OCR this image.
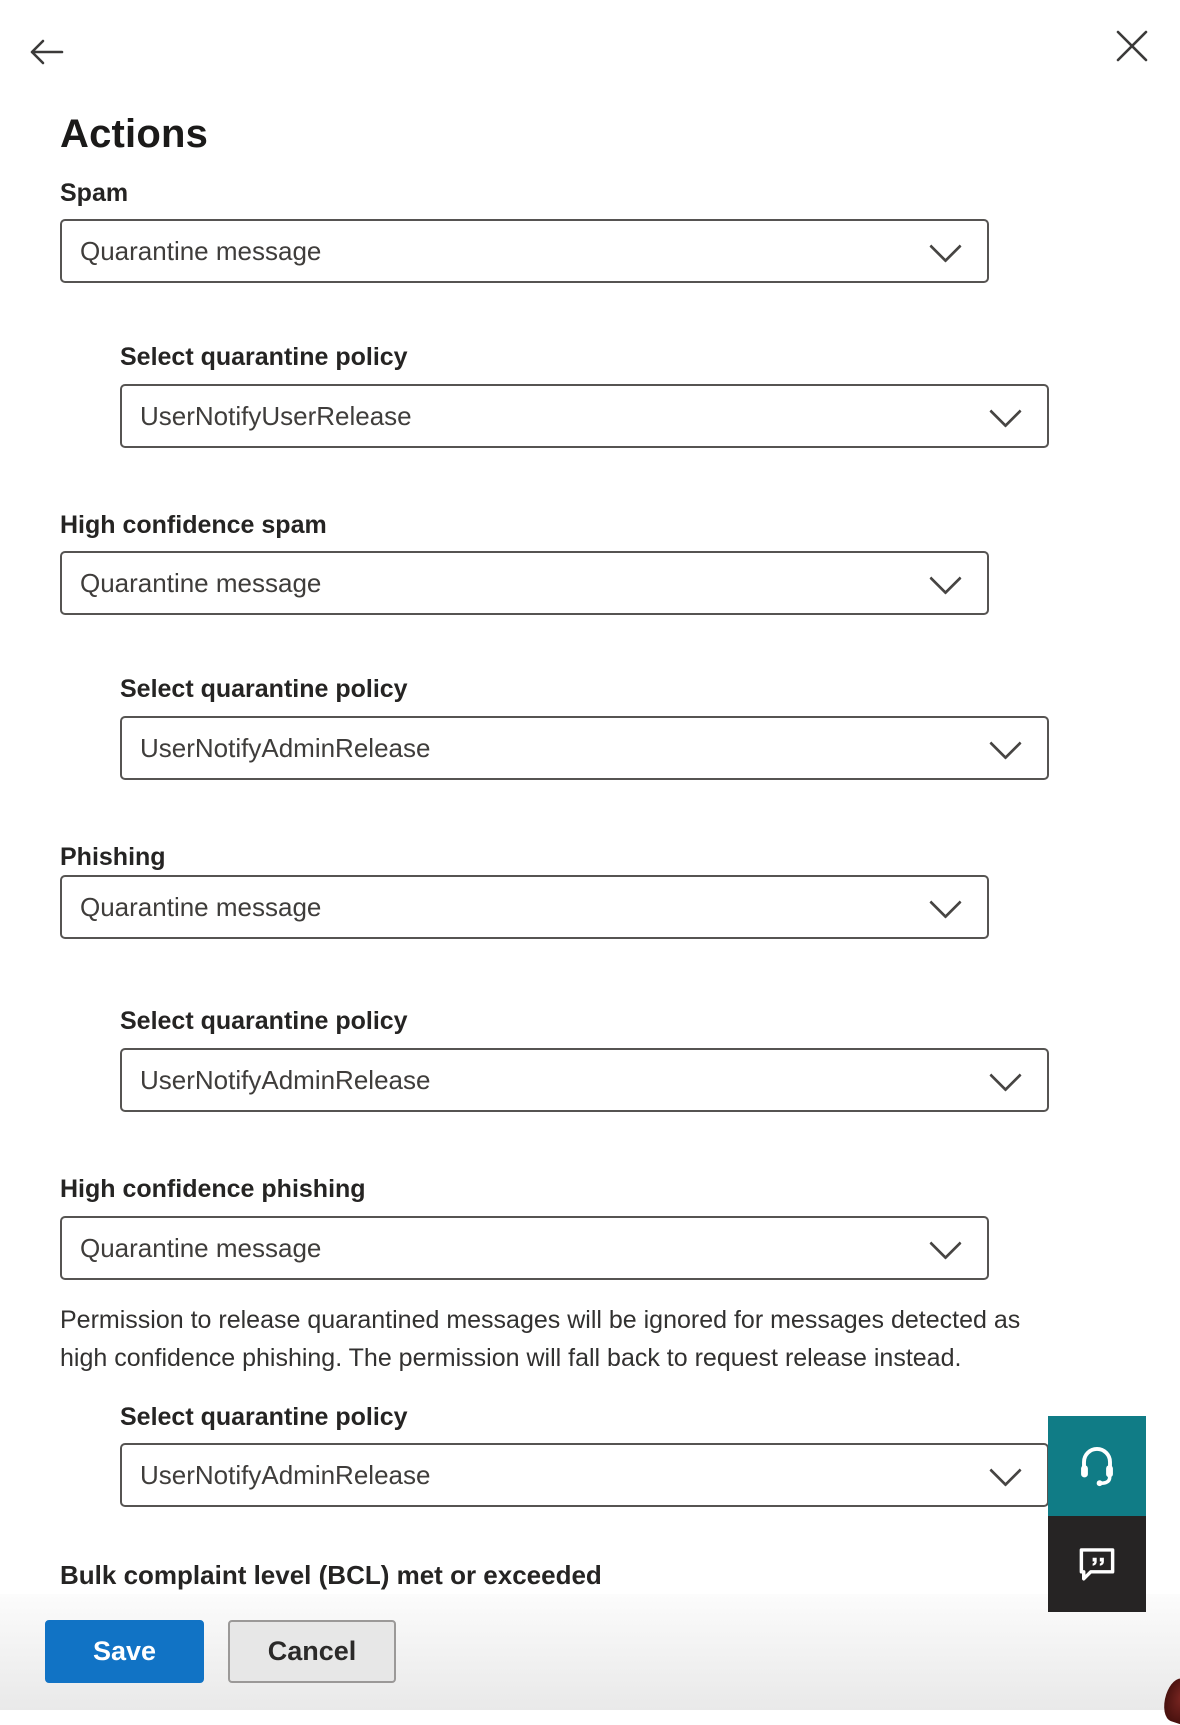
Actions
Spam
Quarantine message
Select quarantine policy
UserNotifyUserRelease
High confidence spam
Quarantine message
Select quarantine policy
UserNotifyAdminRelease
Phishing
Quarantine message
Select quarantine policy
UserNotifyAdminRelease
High confidence phishing
Quarantine message
Permission to release quarantined messages will be ignored for messages detected as high confidence phishing. The permission will fall back to request release instead.
Select quarantine policy
UserNotifyAdminRelease
Bulk complaint level (BCL) met or exceeded
Save	Cancel
